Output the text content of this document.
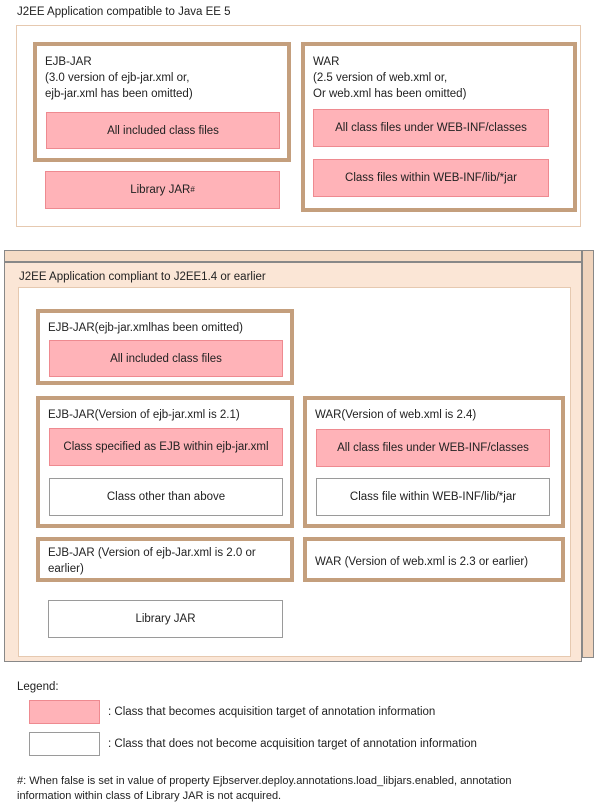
J2EE Application compatible to Java EE 5
EJB-JAR
(3.0 version of ejb-jar.xml or,
ejb-jar.xml has been omitted)
All included class files
Library JAR #
WAR
(2.5 version of web.xml or,
Or web.xml has been omitted)
All class files under WEB-INF/classes
Class files within WEB-INF/lib/*jar
J2EE Application compliant to J2EE1.4 or earlier
EJB-JAR(ejb-jar.xmlhas been omitted)
All included class files
EJB-JAR(Version of ejb-jar.xml is 2.1)
Class specified as EJB within ejb-jar.xml
Class other than above
WAR(Version of web.xml is 2.4)
All class files under WEB-INF/classes
Class file within WEB-INF/lib/*jar
EJB-JAR (Version of ejb-Jar.xml is 2.0 or earlier)
WAR (Version of web.xml is 2.3 or earlier)
Library JAR
Legend:
: Class that becomes acquisition target of annotation information
: Class that does not become acquisition target of annotation information
#: When false is set in value of property Ejbserver.deploy.annotations.load_libjars.enabled, annotation
information within class of Library JAR is not acquired.
